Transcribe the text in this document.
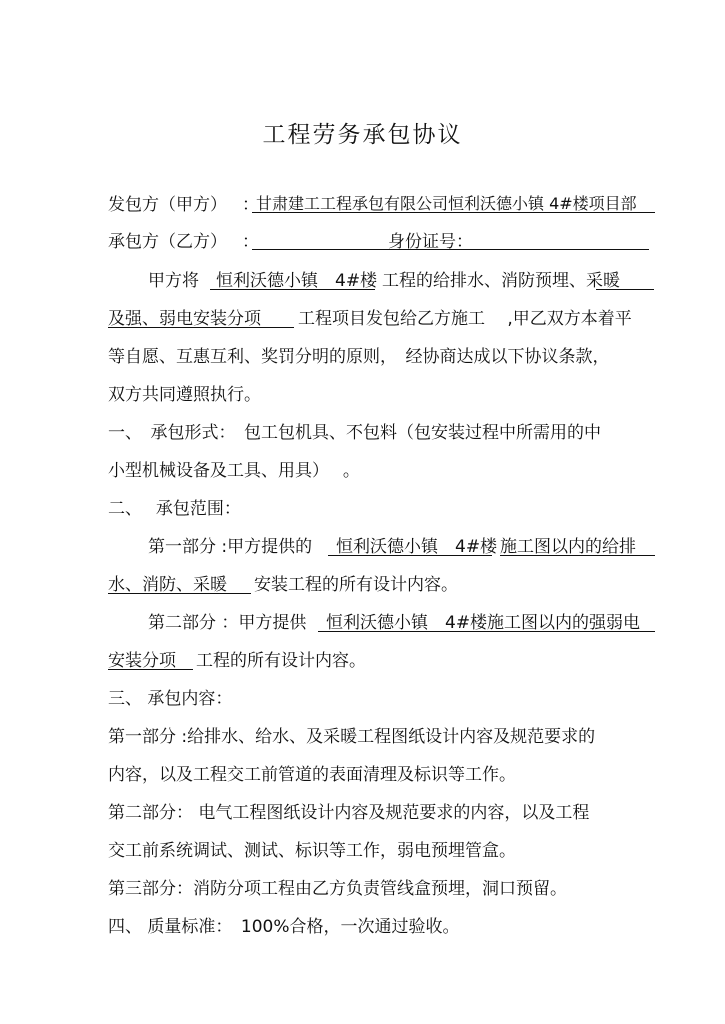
工程劳务承包协议
发包方（甲方） ：
甘肃建工工程承包有限公司恒利沃德小镇 4#楼项目部
承包方（乙方） ：	身份证号：
甲方将 恒利沃德小镇　4#楼 工程的给排水、消防预埋、采暖
及强、弱电安装分项 工程项目发包给乙方施工　 ,甲乙双方本着平
等自愿、互惠互利、奖罚分明的原则，　经协商达成以下协议条款，
双方共同遵照执行。
一、　承包形式：　包工包机具、不包料（包安装过程中所需用的中
小型机械设备及工具、用具）　 。
二、　 承包范围：
第一部分 :甲方提供的 恒利沃德小镇　4#楼 施工图以内的给排
水、消防、采暖 安装工程的所有设计内容。
第二部分 ：甲方提供 恒利沃德小镇　4#楼施工图以内的强弱电
安装分项 工程的所有设计内容。
三、 承包内容：
第一部分 :给排水、给水、及采暖工程图纸设计内容及规范要求的
内容，以及工程交工前管道的表面清理及标识等工作。
第二部分： 电气工程图纸设计内容及规范要求的内容，以及工程
交工前系统调试、测试、标识等工作，弱电预埋管盒。
第三部分：消防分项工程由乙方负责管线盒预埋，洞口预留。
四、 质量标准：　100%合格，一次通过验收。
